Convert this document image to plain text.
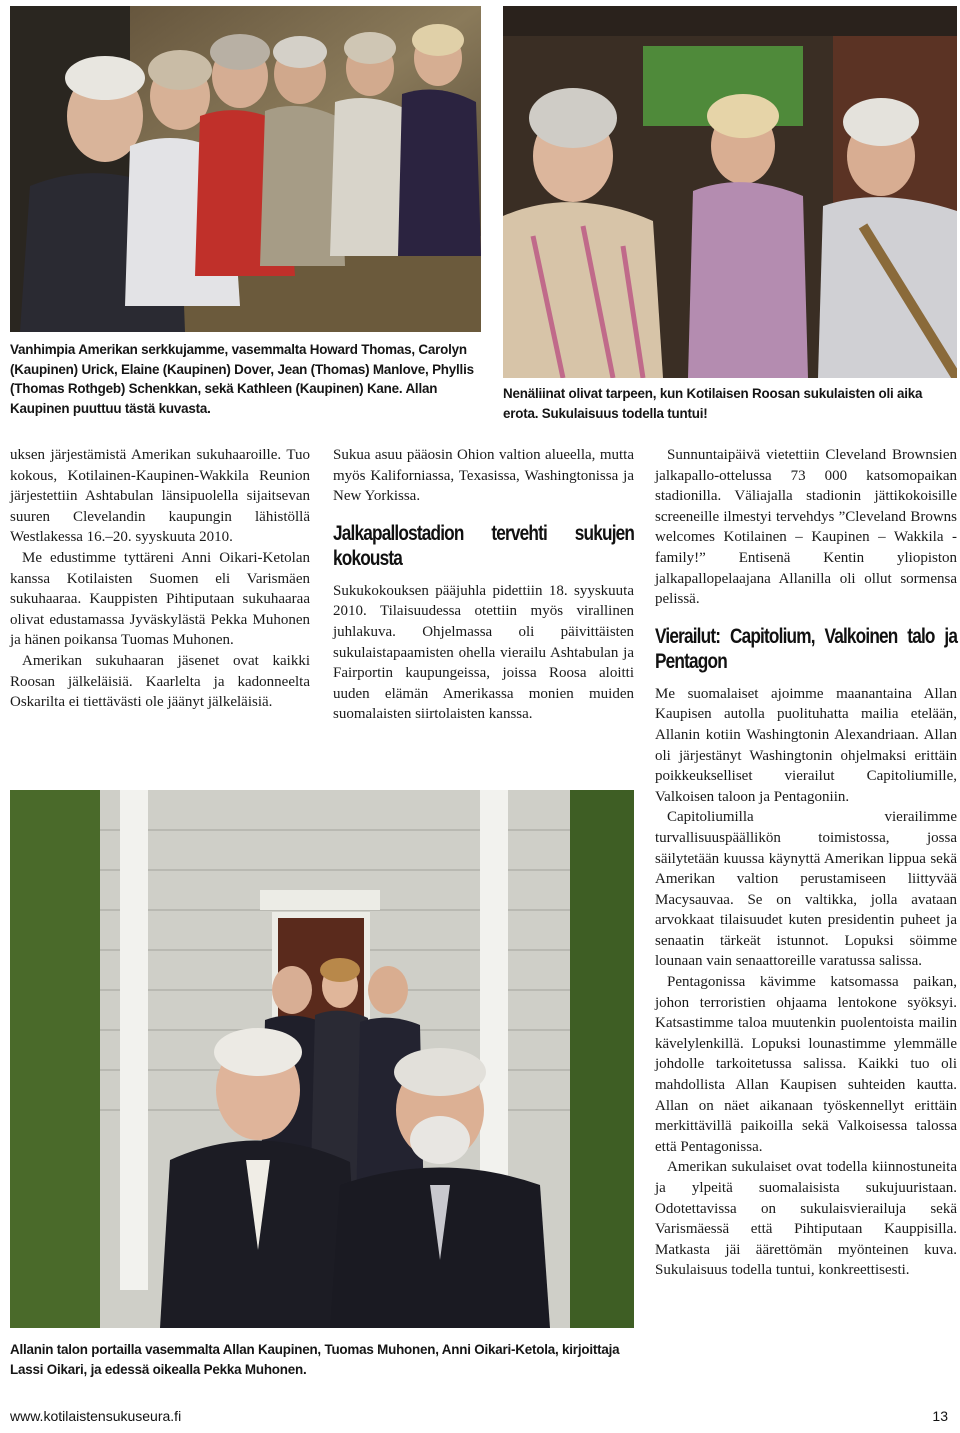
Vanhimpia Amerikan serkkujamme, vasemmalta Howard Thomas, Carolyn (Kaupinen) Urick, Elaine (Kaupinen) Dover, Jean (Thomas) Manlove, Phyllis (Thomas Rothgeb) Schenkkan, sekä Kathleen (Kaupinen) Kane. Allan Kaupinen puuttuu tästä kuvasta.
Nenäliinat olivat tarpeen, kun Kotilaisen Roosan sukulaisten oli aika erota. Sukulaisuus todella tuntui!

uksen järjestämistä Amerikan sukuhaaroille. Tuo kokous, Kotilainen-Kaupinen-Wakkila Reunion järjestettiin Ashtabulan länsipuolella sijaitsevan suuren Clevelandin kaupungin lähistöllä Westlakessa 16.–20. syyskuuta 2010.

Me edustimme tyttäreni Anni Oikari-Ketolan kanssa Kotilaisten Suomen eli Varismäen sukuhaaraa. Kauppisten Pihtiputaan sukuhaaraa olivat edustamassa Jyväskylästä Pekka Muhonen ja hänen poikansa Tuomas Muhonen.

Amerikan sukuhaaran jäsenet ovat kaikki Roosan jälkeläisiä. Kaarlelta ja kadonneelta Oskarilta ei tiettävästi ole jäänyt jälkeläisiä.

Sukua asuu pääosin Ohion valtion alueella, mutta myös Kaliforniassa, Texasissa, Washingtonissa ja New Yorkissa.

Jalkapallostadion tervehti sukujen kokousta

Sukukokouksen pääjuhla pidettiin 18. syyskuuta 2010. Tilaisuudessa otettiin myös virallinen juhlakuva. Ohjelmassa oli päivittäisten sukulaistapaamisten ohella vierailu Ashtabulan ja Fairportin kaupungeissa, joissa Roosa aloitti uuden elämän Amerikassa monien muiden suomalaisten siirtolaisten kanssa.

Sunnuntaipäivä vietettiin Cleveland Brownsien jalkapallo-ottelussa 73 000 katsomopaikan stadionilla. Väliajalla stadionin jättikokoisille screeneille ilmestyi tervehdys ”Cleveland Browns welcomes Kotilainen – Kaupinen – Wakkila -family!” Entisenä Kentin yliopiston jalkapallopelaajana Allanilla oli ollut sormensa pelissä.

Vierailut: Capitolium, Valkoinen talo ja Pentagon

Me suomalaiset ajoimme maanantaina Allan Kaupisen autolla puolituhatta mailia etelään, Allanin kotiin Washingtonin Alexandriaan. Allan oli järjestänyt Washingtonin ohjelmaksi erittäin poikkeukselliset vierailut Capitoliumille, Valkoisen taloon ja Pentagoniin.

Capitoliumilla vierailimme turvallisuuspäällikön toimistossa, jossa säilytetään kuussa käynyttä Amerikan lippua sekä Amerikan valtion perustamiseen liittyvää Macysauvaa. Se on valtikka, jolla avataan arvokkaat tilaisuudet kuten presidentin puheet ja senaatin tärkeät istunnot. Lopuksi söimme lounaan vain senaattoreille varatussa salissa.

Pentagonissa kävimme katsomassa paikan, johon terroristien ohjaama lentokone syöksyi. Katsastimme taloa muutenkin puolentoista mailin kävelylenkillä. Lopuksi lounastimme ylemmälle johdolle tarkoitetussa salissa. Kaikki tuo oli mahdollista Allan Kaupisen suhteiden kautta. Allan on näet aikanaan työskennellyt erittäin merkittävillä paikoilla sekä Valkoisessa talossa että Pentagonissa.

Amerikan sukulaiset ovat todella kiinnostuneita ja ylpeitä suomalaisista sukujuuristaan. Odotettavissa on sukulaisvierailuja sekä Varismäessä että Pihtiputaan Kauppisilla. Matkasta jäi äärettömän myönteinen kuva. Sukulaisuus todella tuntui, konkreettisesti.

Allanin talon portailla vasemmalta Allan Kaupinen, Tuomas Muhonen, Anni Oikari-Ketola, kirjoittaja Lassi Oikari, ja edessä oikealla Pekka Muhonen.
www.kotilaistensukuseura.fi	13
